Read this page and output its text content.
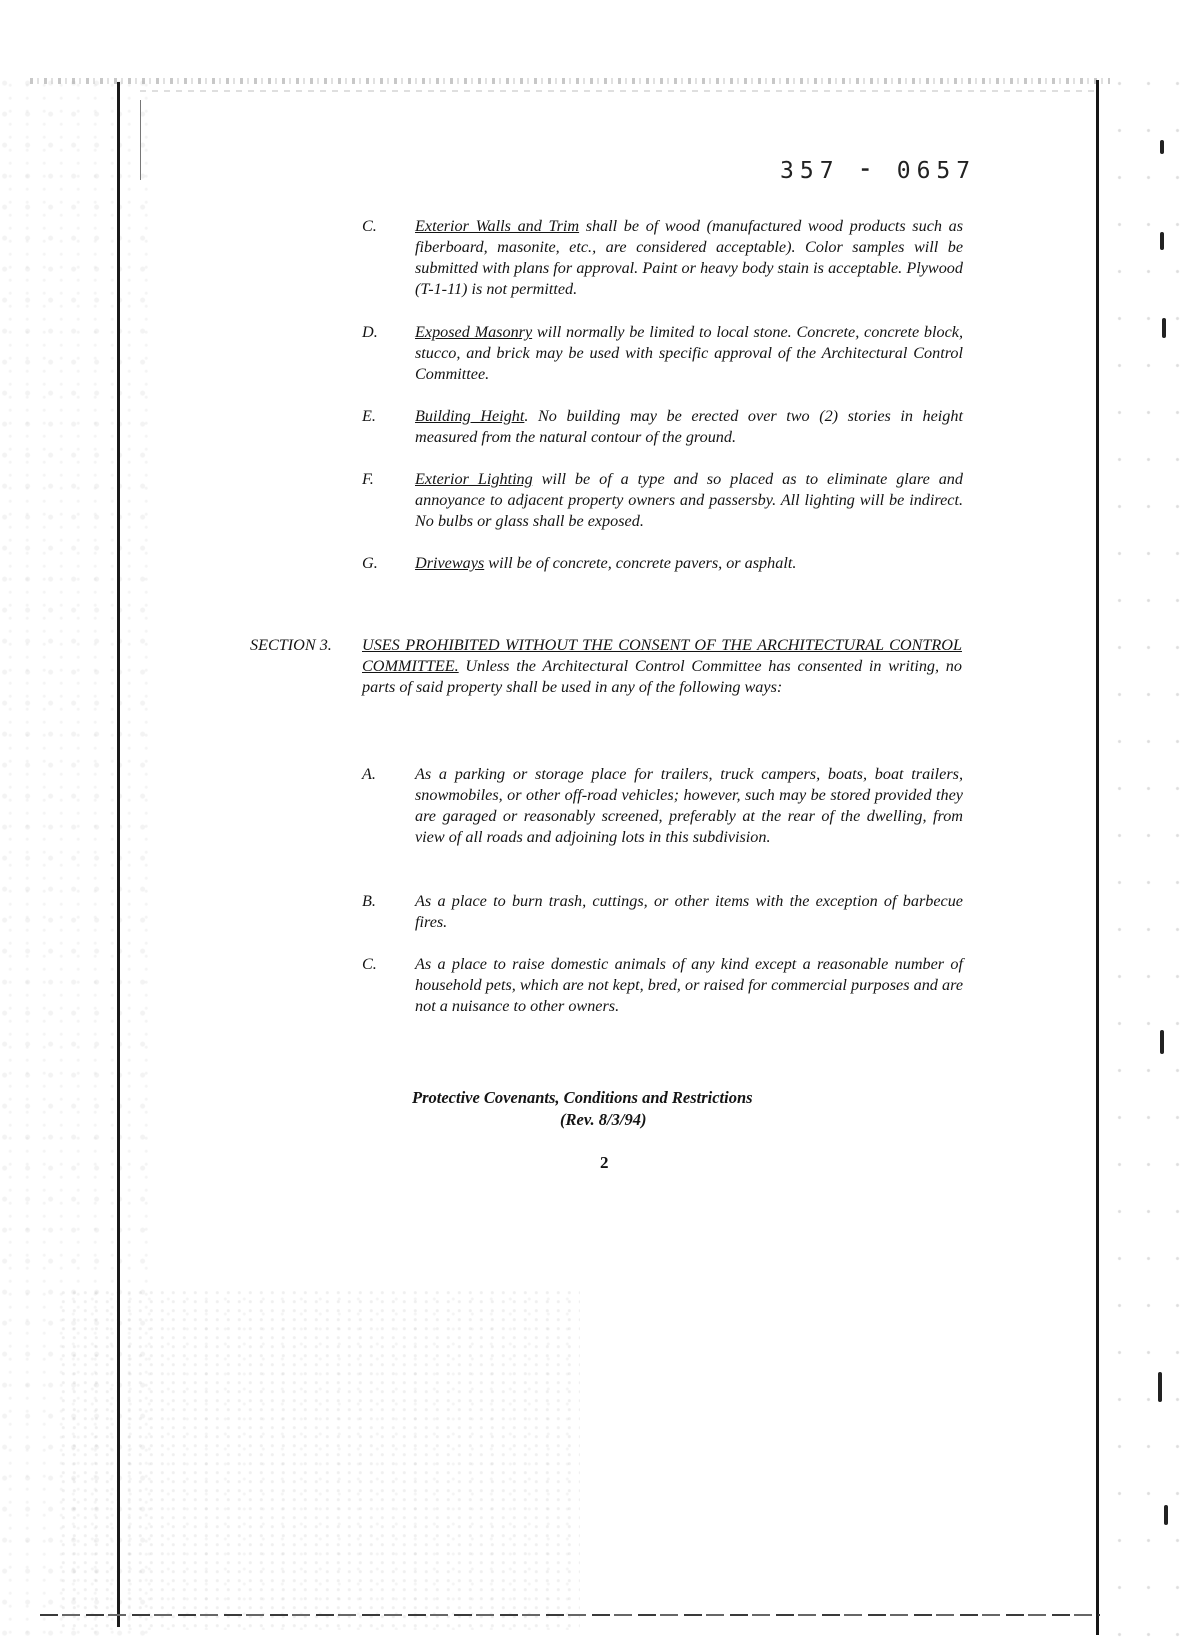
357 ⁃ 0657
C.	Exterior Walls and Trim shall be of wood (manufactured wood products such as fiberboard, masonite, etc., are considered acceptable). Color samples will be submitted with plans for approval. Paint or heavy body stain is acceptable. Plywood (T-1-11) is not permitted.
D.	Exposed Masonry will normally be limited to local stone. Concrete, concrete block, stucco, and brick may be used with specific approval of the Architectural Control Committee.
E.	Building Height. No building may be erected over two (2) stories in height measured from the natural contour of the ground.
F.	Exterior Lighting will be of a type and so placed as to eliminate glare and annoyance to adjacent property owners and passersby. All lighting will be indirect. No bulbs or glass shall be exposed.
G.	Driveways will be of concrete, concrete pavers, or asphalt.
SECTION 3. USES PROHIBITED WITHOUT THE CONSENT OF THE ARCHITECTURAL CONTROL COMMITTEE. Unless the Architectural Control Committee has consented in writing, no parts of said property shall be used in any of the following ways:
A.	As a parking or storage place for trailers, truck campers, boats, boat trailers, snowmobiles, or other off-road vehicles; however, such may be stored provided they are garaged or reasonably screened, preferably at the rear of the dwelling, from view of all roads and adjoining lots in this subdivision.
B.	As a place to burn trash, cuttings, or other items with the exception of barbecue fires.
C.	As a place to raise domestic animals of any kind except a reasonable number of household pets, which are not kept, bred, or raised for commercial purposes and are not a nuisance to other owners.
Protective Covenants, Conditions and Restrictions
(Rev. 8/3/94)
2
